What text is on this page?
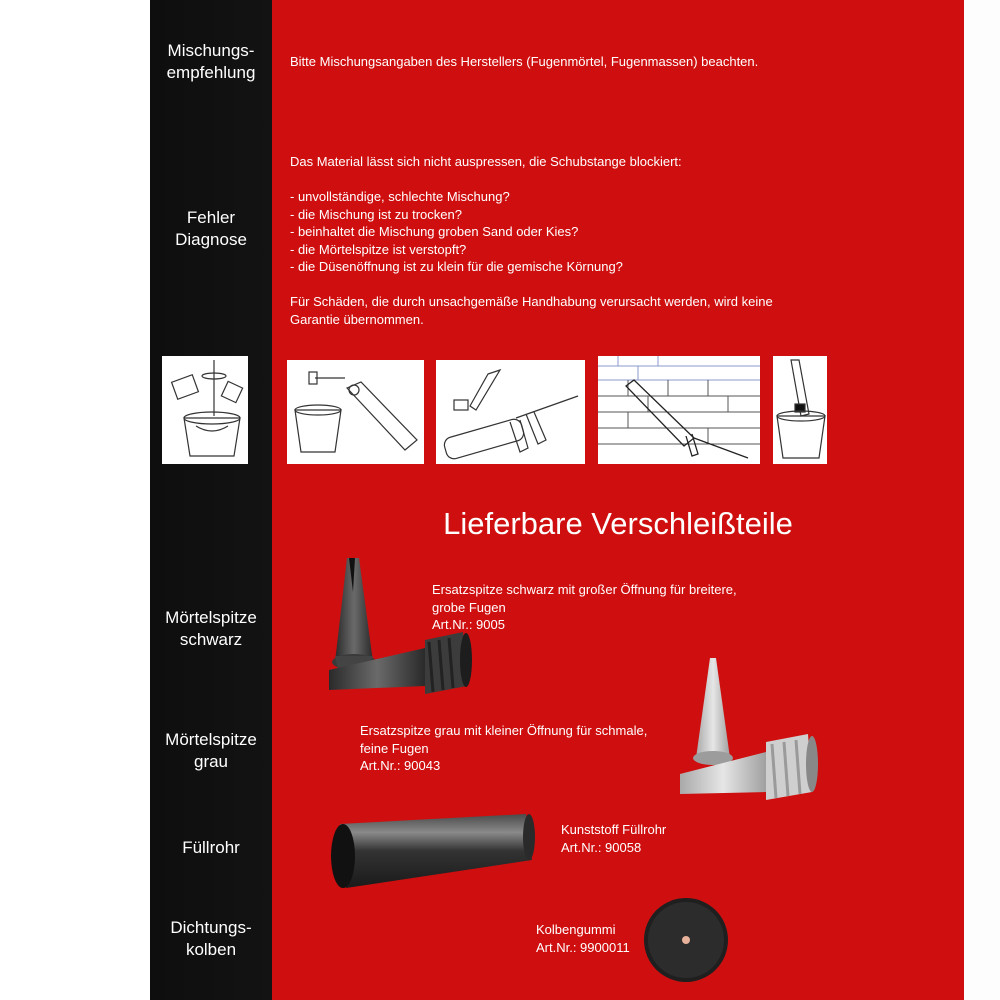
Mischungs-
empfehlung
Fehler
Diagnose
Mörtelspitze
schwarz
Mörtelspitze
grau
Füllrohr
Dichtungs-
kolben
Bitte Mischungsangaben des Herstellers (Fugenmörtel, Fugenmassen) beachten.
Das Material lässt sich nicht auspressen, die Schubstange blockiert:
- unvollständige, schlechte Mischung?
- die Mischung ist zu trocken?
- beinhaltet die Mischung groben Sand oder Kies?
- die Mörtelspitze ist verstopft?
- die Düsenöffnung ist zu klein für die gemische Körnung?
Für Schäden, die durch unsachgemäße Handhabung verursacht werden, wird keine
Garantie übernommen.
Lieferbare Verschleißteile
Ersatzspitze schwarz mit großer Öffnung für breitere,
grobe Fugen
Art.Nr.: 9005
Ersatzspitze grau mit kleiner Öffnung für schmale,
feine Fugen
Art.Nr.: 90043
Kunststoff Füllrohr
Art.Nr.: 90058
Kolbengummi
Art.Nr.: 9900011
